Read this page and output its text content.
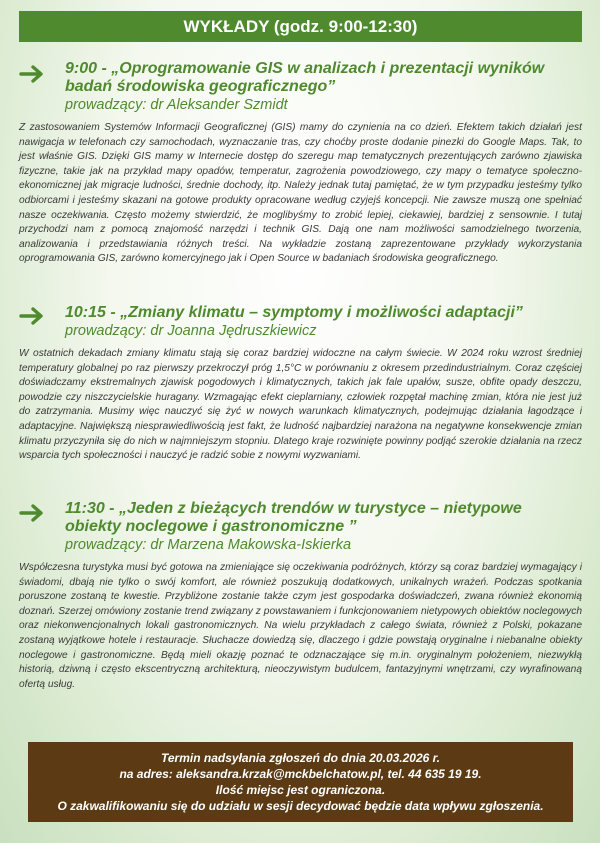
WYKŁADY (godz. 9:00-12:30)
9:00 - „Oprogramowanie GIS w analizach i prezentacji wyników badań środowiska geograficznego”
prowadzący: dr Aleksander Szmidt
Z zastosowaniem Systemów Informacji Geograficznej (GIS) mamy do czynienia na co dzień. Efektem takich działań jest nawigacja w telefonach czy samochodach, wyznaczanie tras, czy choćby proste dodanie pinezki do Google Maps. Tak, to jest właśnie GIS. Dzięki GIS mamy w Internecie dostęp do szeregu map tematycznych prezentujących zarówno zjawiska fizyczne, takie jak na przykład mapy opadów, temperatur, zagrożenia powodziowego, czy mapy o tematyce społeczno-ekonomicznej jak migracje ludności, średnie dochody, itp. Należy jednak tutaj pamiętać, że w tym przypadku jesteśmy tylko odbiorcami i jesteśmy skazani na gotowe produkty opracowane według czyjejś koncepcji. Nie zawsze muszą one spełniać nasze oczekiwania. Często możemy stwierdzić, że moglibyśmy to zrobić lepiej, ciekawiej, bardziej z sensownie. I tutaj przychodzi nam z pomocą znajomość narzędzi i technik GIS. Dają one nam możliwości samodzielnego tworzenia, analizowania i przedstawiania różnych treści. Na wykładzie zostaną zaprezentowane przykłady wykorzystania oprogramowania GIS, zarówno komercyjnego jak i Open Source w badaniach środowiska geograficznego.
10:15 - „Zmiany klimatu – symptomy i możliwości adaptacji”
prowadzący: dr Joanna Jędruszkiewicz
W ostatnich dekadach zmiany klimatu stają się coraz bardziej widoczne na całym świecie. W 2024 roku wzrost średniej temperatury globalnej po raz pierwszy przekroczył próg 1,5°C w porównaniu z okresem przedindustrialnym. Coraz częściej doświadczamy ekstremalnych zjawisk pogodowych i klimatycznych, takich jak fale upałów, susze, obfite opady deszczu, powodzie czy niszczycielskie huragany. Wzmagając efekt cieplarniany, człowiek rozpętał machinę zmian, która nie jest już do zatrzymania. Musimy więc nauczyć się żyć w nowych warunkach klimatycznych, podejmując działania łagodzące i adaptacyjne. Największą niesprawiedliwością jest fakt, że ludność najbardziej narażona na negatywne konsekwencje zmian klimatu przyczyniła się do nich w najmniejszym stopniu. Dlatego kraje rozwinięte powinny podjąć szerokie działania na rzecz wsparcia tych społeczności i nauczyć je radzić sobie z nowymi wyzwaniami.
11:30 - „Jeden z bieżących trendów w turystyce – nietypowe obiekty noclegowe i gastronomiczne ”
prowadzący: dr Marzena Makowska-Iskierka
Współczesna turystyka musi być gotowa na zmieniające się oczekiwania podróżnych, którzy są coraz bardziej wymagający i świadomi, dbają nie tylko o swój komfort, ale również poszukują dodatkowych, unikalnych wrażeń. Podczas spotkania poruszone zostaną te kwestie. Przybliżone zostanie także czym jest gospodarka doświadczeń, zwana również ekonomią doznań. Szerzej omówiony zostanie trend związany z powstawaniem i funkcjonowaniem nietypowych obiektów noclegowych oraz niekonwencjonalnych lokali gastronomicznych. Na wielu przykładach z całego świata, również z Polski, pokazane zostaną wyjątkowe hotele i restauracje. Słuchacze dowiedzą się, dlaczego i gdzie powstają oryginalne i niebanalne obiekty noclegowe i gastronomiczne. Będą mieli okazję poznać te odznaczające się m.in. oryginalnym położeniem, niezwykłą historią, dziwną i często ekscentryczną architekturą, nieoczywistym budulcem, fantazyjnymi wnętrzami, czy wyrafinowaną ofertą usług.
Termin nadsyłania zgłoszeń do dnia 20.03.2026 r.
na adres: aleksandra.krzak@mckbelchatow.pl, tel. 44 635 19 19.
Ilość miejsc jest ograniczona.
O zakwalifikowaniu się do udziału w sesji decydować będzie data wpływu zgłoszenia.
